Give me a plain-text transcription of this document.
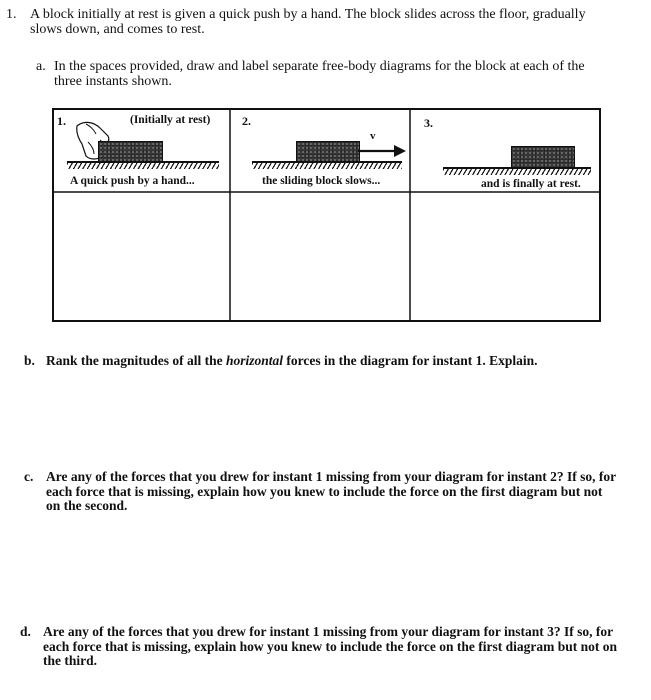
1. A block initially at rest is given a quick push by a hand. The block slides across the floor, gradually slows down, and comes to rest.
a. In the spaces provided, draw and label separate free-body diagrams for the block at each of the three instants shown.
1.	(Initially at rest)
A quick push by a hand...
2.
v
the sliding block slows...
3.
and is finally at rest.
b. Rank the magnitudes of all the horizontal forces in the diagram for instant 1. Explain.
c. Are any of the forces that you drew for instant 1 missing from your diagram for instant 2? If so, for each force that is missing, explain how you knew to include the force on the first diagram but not on the second.
d. Are any of the forces that you drew for instant 1 missing from your diagram for instant 3? If so, for each force that is missing, explain how you knew to include the force on the first diagram but not on the third.
